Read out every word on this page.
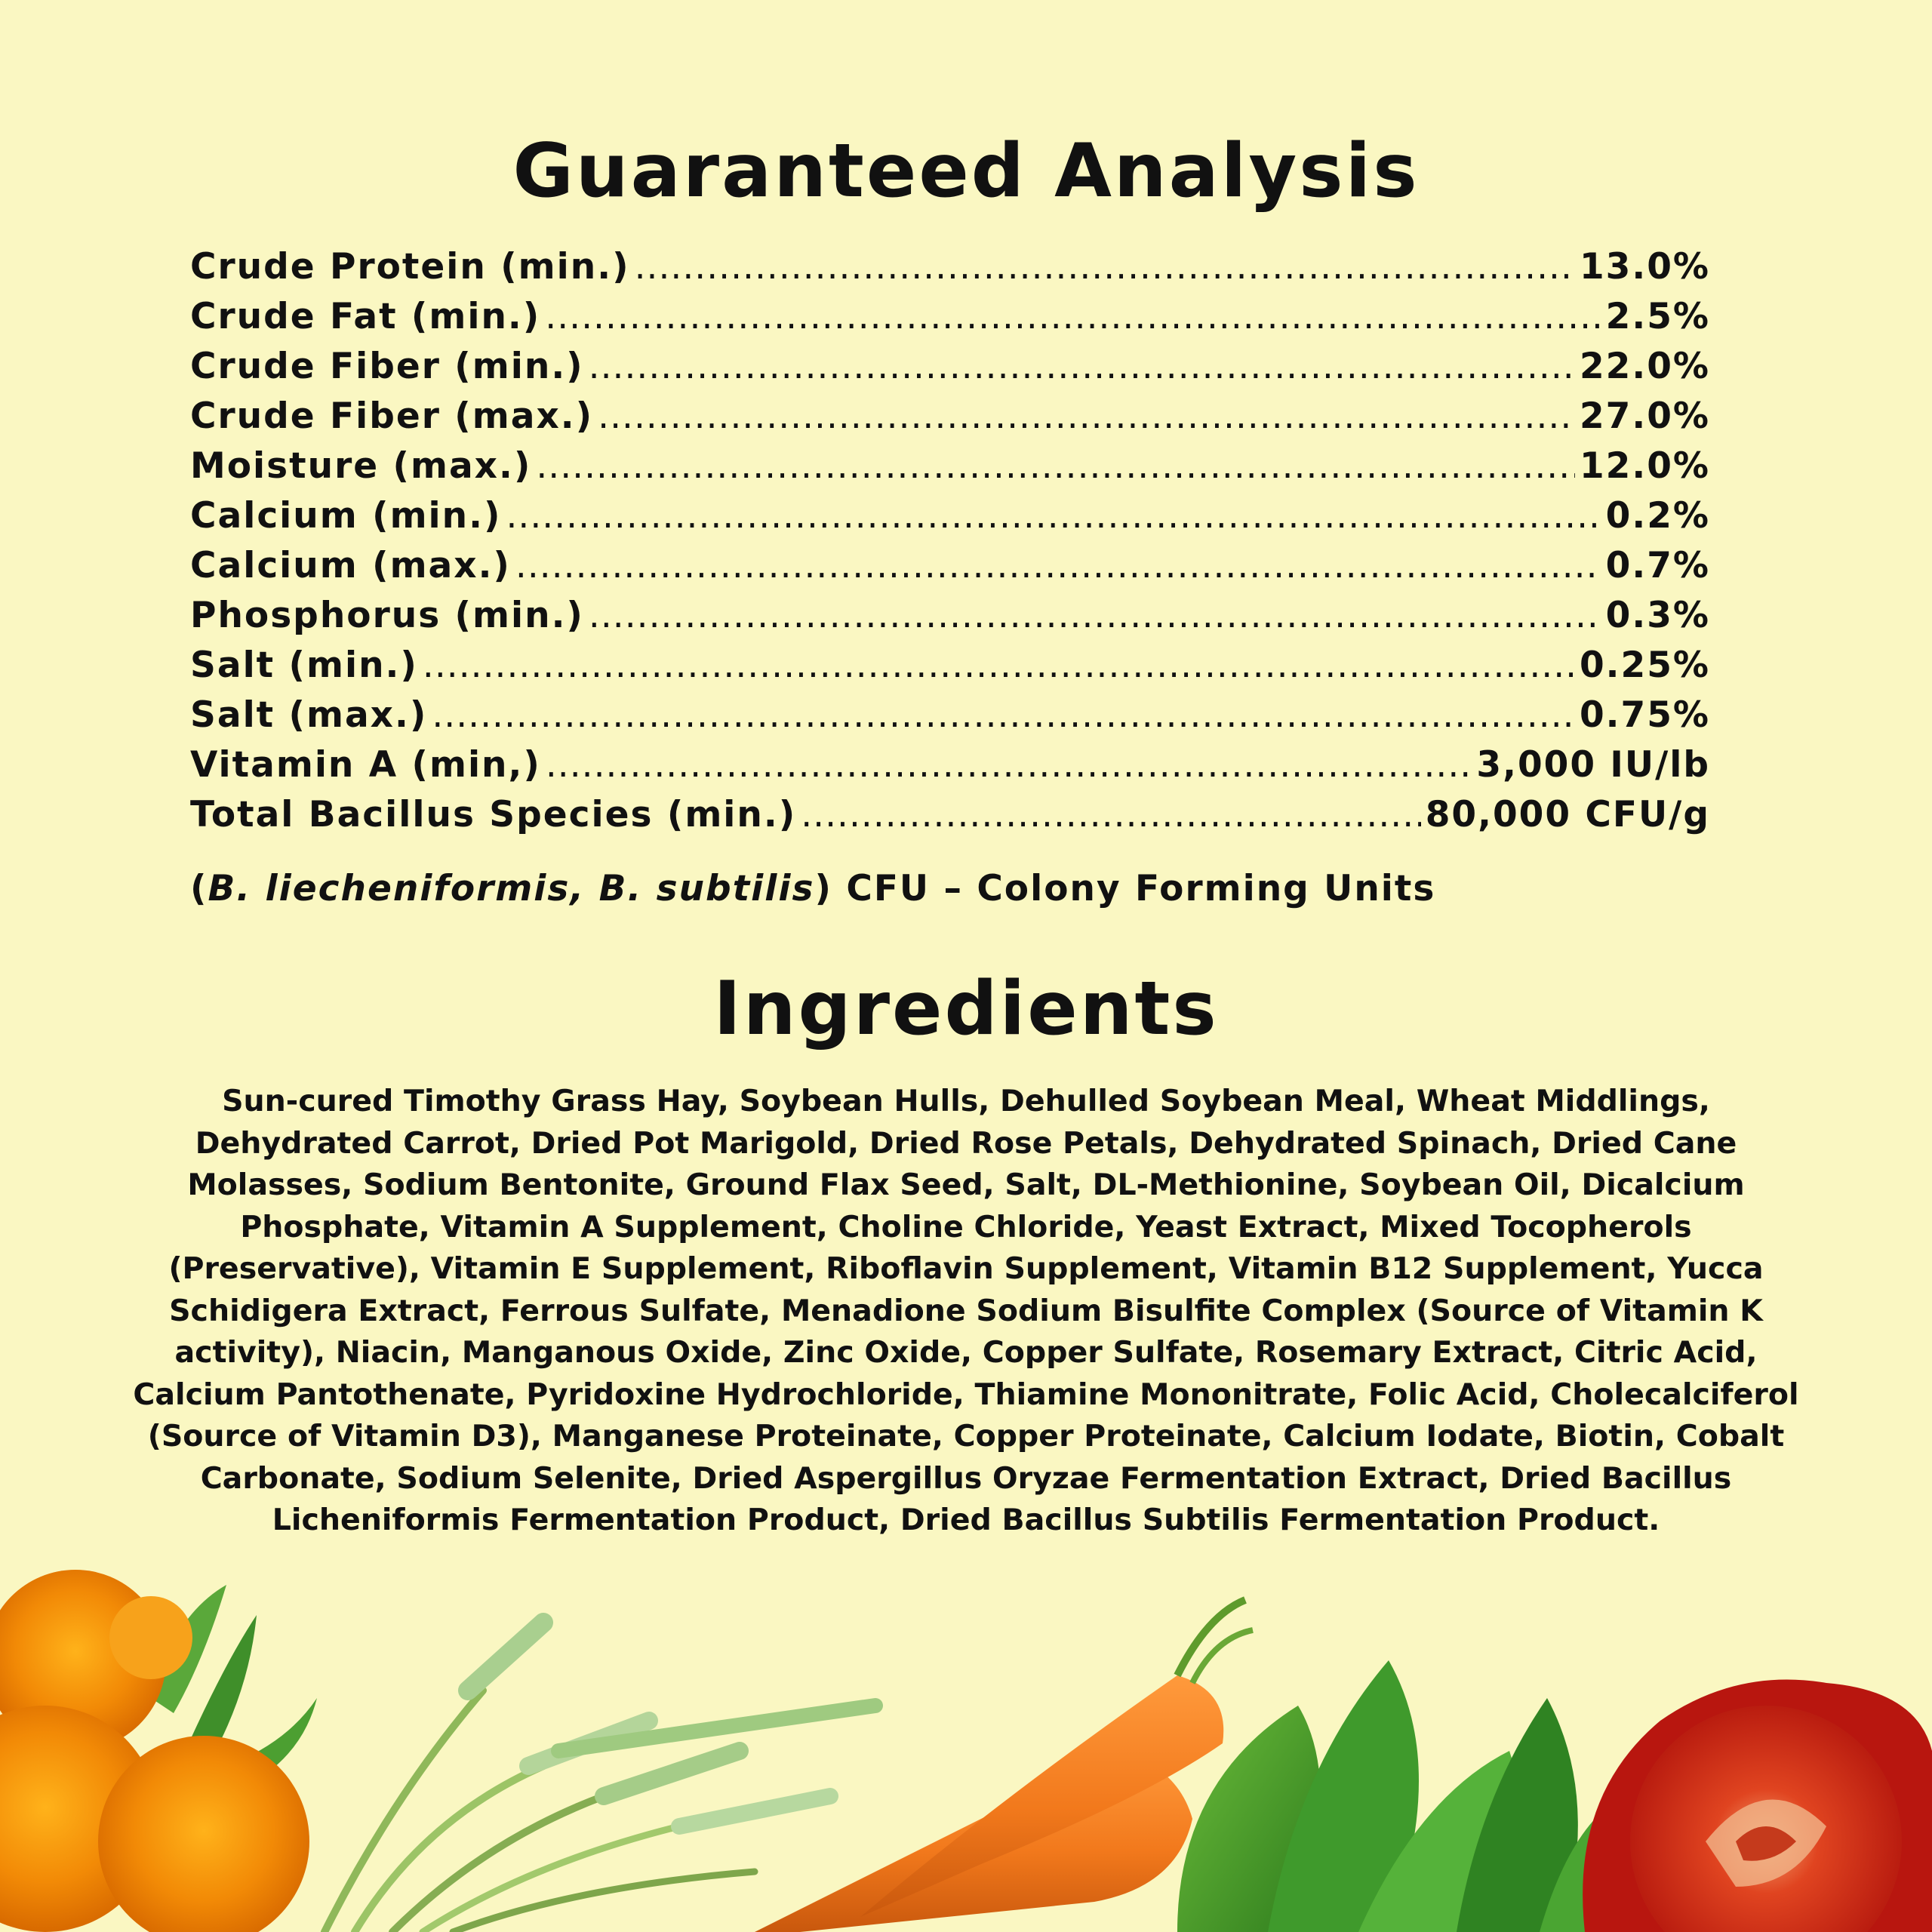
Guaranteed Analysis
Crude Protein (min.) .....	13.0%
Crude Fat (min.) .....	2.5%
Crude Fiber (min.) .....	22.0%
Crude Fiber (max.) .....	27.0%
Moisture (max.) .....	12.0%
Calcium (min.) .....	0.2%
Calcium (max.) .....	0.7%
Phosphorus (min.) .....	0.3%
Salt (min.) .....	0.25%
Salt (max.) .....	0.75%
Vitamin A (min,) .....	3,000 IU/lb
Total Bacillus Species (min.) .....	80,000 CFU/g
(B. liecheniformis, B. subtilis) CFU – Colony Forming Units
Ingredients

Sun-cured Timothy Grass Hay, Soybean Hulls, Dehulled Soybean Meal, Wheat Middlings, Dehydrated Carrot, Dried Pot Marigold, Dried Rose Petals, Dehydrated Spinach, Dried Cane Molasses, Sodium Bentonite, Ground Flax Seed, Salt, DL-Methionine, Soybean Oil, Dicalcium Phosphate, Vitamin A Supplement, Choline Chloride, Yeast Extract, Mixed Tocopherols (Preservative), Vitamin E Supplement, Riboflavin Supplement, Vitamin B12 Supplement, Yucca Schidigera Extract, Ferrous Sulfate, Menadione Sodium Bisulfite Complex (Source of Vitamin K activity), Niacin, Manganous Oxide, Zinc Oxide, Copper Sulfate, Rosemary Extract, Citric Acid, Calcium Pantothenate, Pyridoxine Hydrochloride, Thiamine Mononitrate, Folic Acid, Cholecalciferol (Source of Vitamin D3), Manganese Proteinate, Copper Proteinate, Calcium Iodate, Biotin, Cobalt Carbonate, Sodium Selenite, Dried Aspergillus Oryzae Fermentation Extract, Dried Bacillus Licheniformis Fermentation Product, Dried Bacillus Subtilis Fermentation Product.
